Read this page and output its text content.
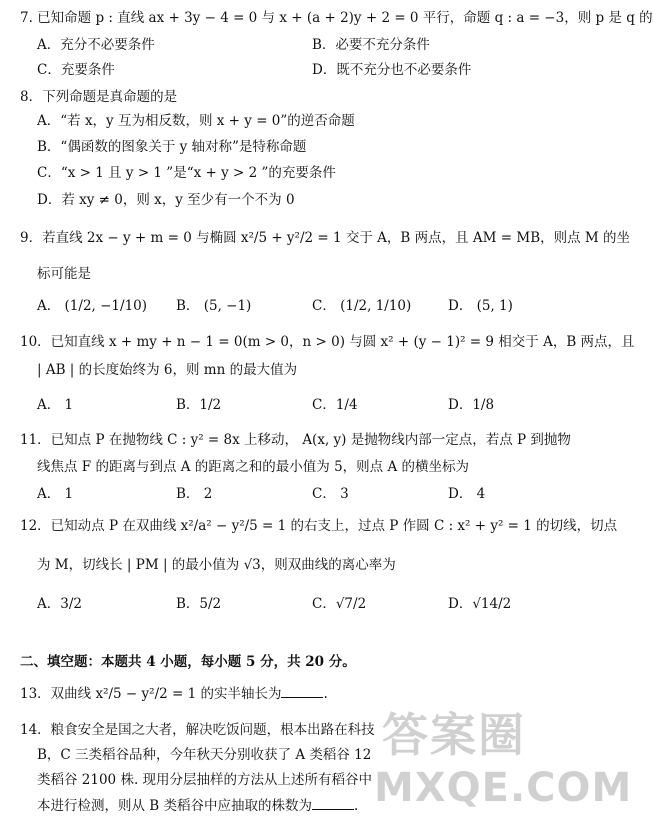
7. 已知命题 p : 直线 ax + 3y − 4 = 0 与 x + (a + 2)y + 2 = 0 平行，命题 q : a = −3，则 p 是 q 的
A．充分不必要条件	B．必要不充分条件
C．充要条件	D．既不充分也不必要条件
8．下列命题是真命题的是
A．“若 x，y 互为相反数，则 x + y = 0”的逆否命题
B．“偶函数的图象关于 y 轴对称”是特称命题
C．“x > 1 且 y > 1 ”是“x + y > 2 ”的充要条件
D．若 xy ≠ 0，则 x，y 至少有一个不为 0
9．若直线 2x − y + m = 0 与椭圆 x²/5 + y²/2 = 1 交于 A，B 两点，且 AM = MB，则点 M 的坐
标可能是
A． (1/2, −1/10) B． (5, −1)	C． (1/2, 1/10)	D． (5, 1)
10．已知直线 x + my + n − 1 = 0(m > 0，n > 0) 与圆 x² + (y − 1)² = 9 相交于 A，B 两点，且
| AB | 的长度始终为 6，则 mn 的最大值为
A． 1	B．1/2	C．1/4	D．1/8
11．已知点 P 在抛物线 C : y² = 8x 上移动， A(x, y) 是抛物线内部一定点，若点 P 到抛物
线焦点 F 的距离与到点 A 的距离之和的最小值为 5，则点 A 的横坐标为
A． 1	B． 2	C． 3	D． 4
12．已知动点 P 在双曲线 x²/a² − y²/5 = 1 的右支上，过点 P 作圆 C : x² + y² = 1 的切线，切点
为 M，切线长 | PM | 的最小值为 √3，则双曲线的离心率为
A．3/2	B．5/2	C．√7/2	D．√14/2
二、填空题：本题共 4 小题，每小题 5 分，共 20 分。
13．双曲线 x²/5 − y²/2 = 1 的实半轴长为	.
14．粮食安全是国之大者，解决吃饭问题，根本出路在科技
B，C 三类稻谷品种，今年秋天分别收获了 A 类稻谷 12
类稻谷 2100 株. 现用分层抽样的方法从上述所有稻谷中
本进行检测，则从 B 类稻谷中应抽取的株数为	.
答案圈
MXQE.COM
